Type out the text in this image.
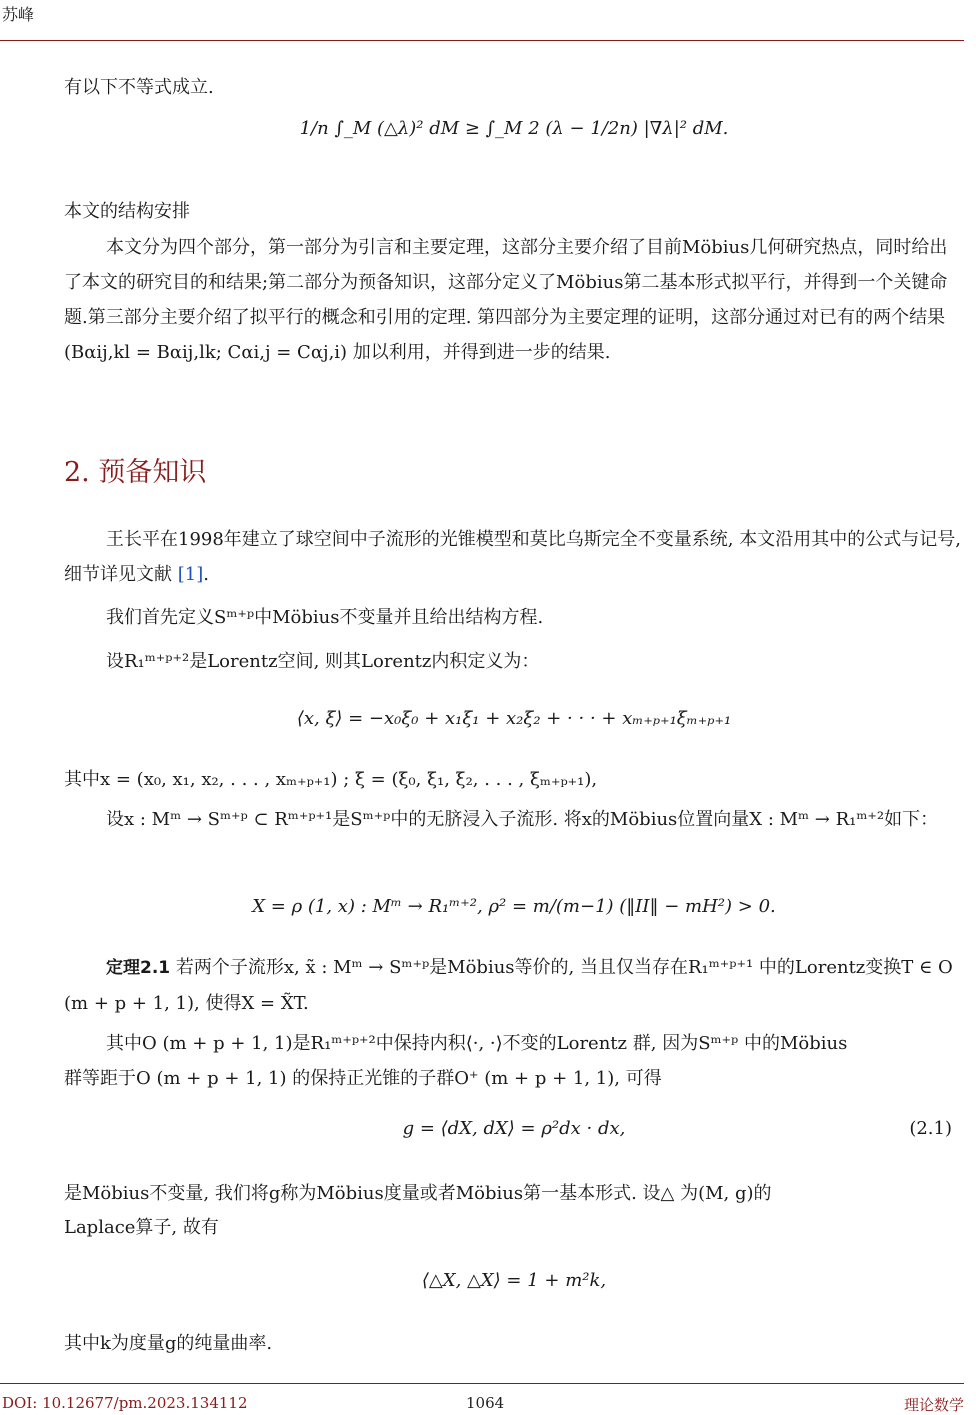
苏峰
有以下不等式成立.
1/n ∫_M (△λ)² dM ≥ ∫_M 2 (λ − 1/2n) |∇λ|² dM.
本文的结构安排
本文分为四个部分，第一部分为引言和主要定理，这部分主要介绍了目前Möbius几何研究热点，同时给出了本文的研究目的和结果;第二部分为预备知识，这部分定义了Möbius第二基本形式拟平行，并得到一个关键命题.第三部分主要介绍了拟平行的概念和引用的定理. 第四部分为主要定理的证明，这部分通过对已有的两个结果(Bαij,kl = Bαij,lk; Cαi,j = Cαj,i) 加以利用，并得到进一步的结果.
2. 预备知识
王长平在1998年建立了球空间中子流形的光锥模型和莫比乌斯完全不变量系统, 本文沿用其中的公式与记号, 细节详见文献 [1].
我们首先定义Sᵐ⁺ᵖ中Möbius不变量并且给出结构方程.
设R₁ᵐ⁺ᵖ⁺²是Lorentz空间, 则其Lorentz内积定义为：
⟨x, ξ⟩ = −x₀ξ₀ + x₁ξ₁ + x₂ξ₂ + · · · + xₘ₊ₚ₊₁ξₘ₊ₚ₊₁
其中x = (x₀, x₁, x₂, . . . , xₘ₊ₚ₊₁) ; ξ = (ξ₀, ξ₁, ξ₂, . . . , ξₘ₊ₚ₊₁),
设x : Mᵐ → Sᵐ⁺ᵖ ⊂ Rᵐ⁺ᵖ⁺¹是Sᵐ⁺ᵖ中的无脐浸入子流形. 将x的Möbius位置向量X : Mᵐ → R₁ᵐ⁺²如下：
X = ρ (1, x) : Mᵐ → R₁ᵐ⁺², ρ² = m/(m−1) (‖II‖ − mH²) > 0.
定理2.1 若两个子流形x, x̃ : Mᵐ → Sᵐ⁺ᵖ是Möbius等价的, 当且仅当存在R₁ᵐ⁺ᵖ⁺¹ 中的Lorentz变换T ∈ O (m + p + 1, 1), 使得X = X̃T.
其中O (m + p + 1, 1)是R₁ᵐ⁺ᵖ⁺²中保持内积⟨·, ·⟩不变的Lorentz 群, 因为Sᵐ⁺ᵖ 中的Möbius
群等距于O (m + p + 1, 1) 的保持正光锥的子群O⁺ (m + p + 1, 1), 可得
g = ⟨dX, dX⟩ = ρ²dx · dx,	(2.1)
是Möbius不变量, 我们将g称为Möbius度量或者Möbius第一基本形式. 设△ 为(M, g)的
Laplace算子, 故有
⟨△X, △X⟩ = 1 + m²k,
其中k为度量g的纯量曲率.
DOI: 10.12677/pm.2023.134112	1064	理论数学
